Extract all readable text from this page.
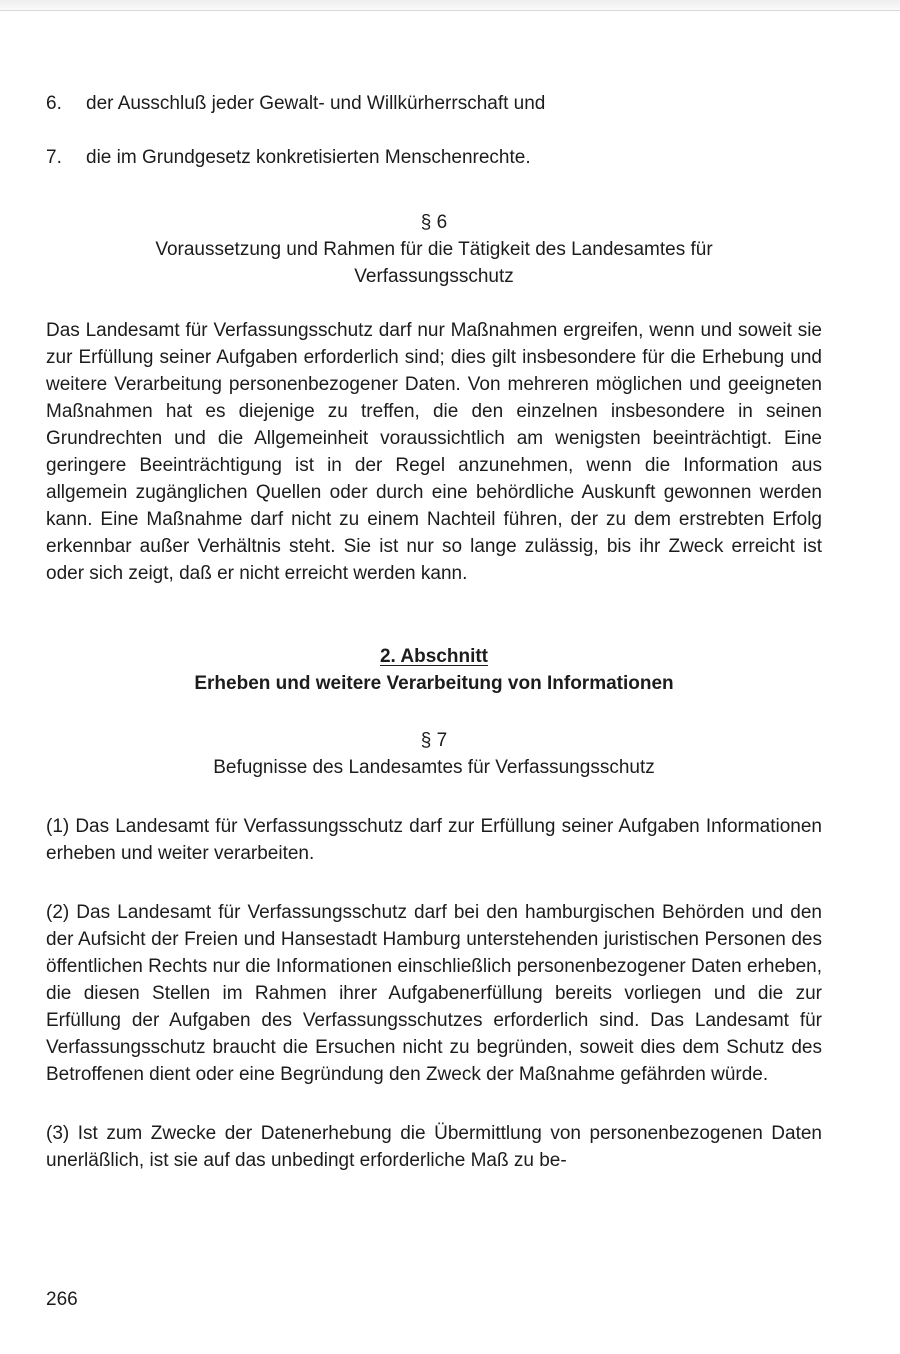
6.	der Ausschluß jeder Gewalt- und Willkürherrschaft und
7.	die im Grundgesetz konkretisierten Menschenrechte.
§ 6
Voraussetzung und Rahmen für die Tätigkeit des Landesamtes für
Verfassungsschutz

Das Landesamt für Verfassungsschutz darf nur Maßnahmen ergreifen, wenn und soweit sie zur Erfüllung seiner Aufgaben erforderlich sind; dies gilt insbesondere für die Erhebung und weitere Verarbeitung personenbezogener Daten. Von mehreren möglichen und geeigneten Maßnahmen hat es diejenige zu treffen, die den einzelnen insbesondere in seinen Grundrechten und die Allgemeinheit voraussichtlich am wenigsten beeinträchtigt. Eine geringere Beeinträchtigung ist in der Regel anzunehmen, wenn die Information aus allgemein zugänglichen Quellen oder durch eine behördliche Auskunft gewonnen werden kann. Eine Maßnahme darf nicht zu einem Nachteil führen, der zu dem erstrebten Erfolg erkennbar außer Verhältnis steht. Sie ist nur so lange zulässig, bis ihr Zweck erreicht ist oder sich zeigt, daß er nicht erreicht werden kann.

2. Abschnitt
Erheben und weitere Verarbeitung von Informationen
§ 7
Befugnisse des Landesamtes für Verfassungsschutz

(1) Das Landesamt für Verfassungsschutz darf zur Erfüllung seiner Aufgaben Informationen erheben und weiter verarbeiten.

(2) Das Landesamt für Verfassungsschutz darf bei den hamburgischen Behörden und den der Aufsicht der Freien und Hansestadt Hamburg unterstehenden juristischen Personen des öffentlichen Rechts nur die Informationen einschließlich personenbezogener Daten erheben, die diesen Stellen im Rahmen ihrer Aufgabenerfüllung bereits vorliegen und die zur Erfüllung der Aufgaben des Verfassungsschutzes erforderlich sind. Das Landesamt für Verfassungsschutz braucht die Ersuchen nicht zu begründen, soweit dies dem Schutz des Betroffenen dient oder eine Begründung den Zweck der Maßnahme gefährden würde.

(3) Ist zum Zwecke der Datenerhebung die Übermittlung von personenbezogenen Daten unerläßlich, ist sie auf das unbedingt erforderliche Maß zu be-

266
